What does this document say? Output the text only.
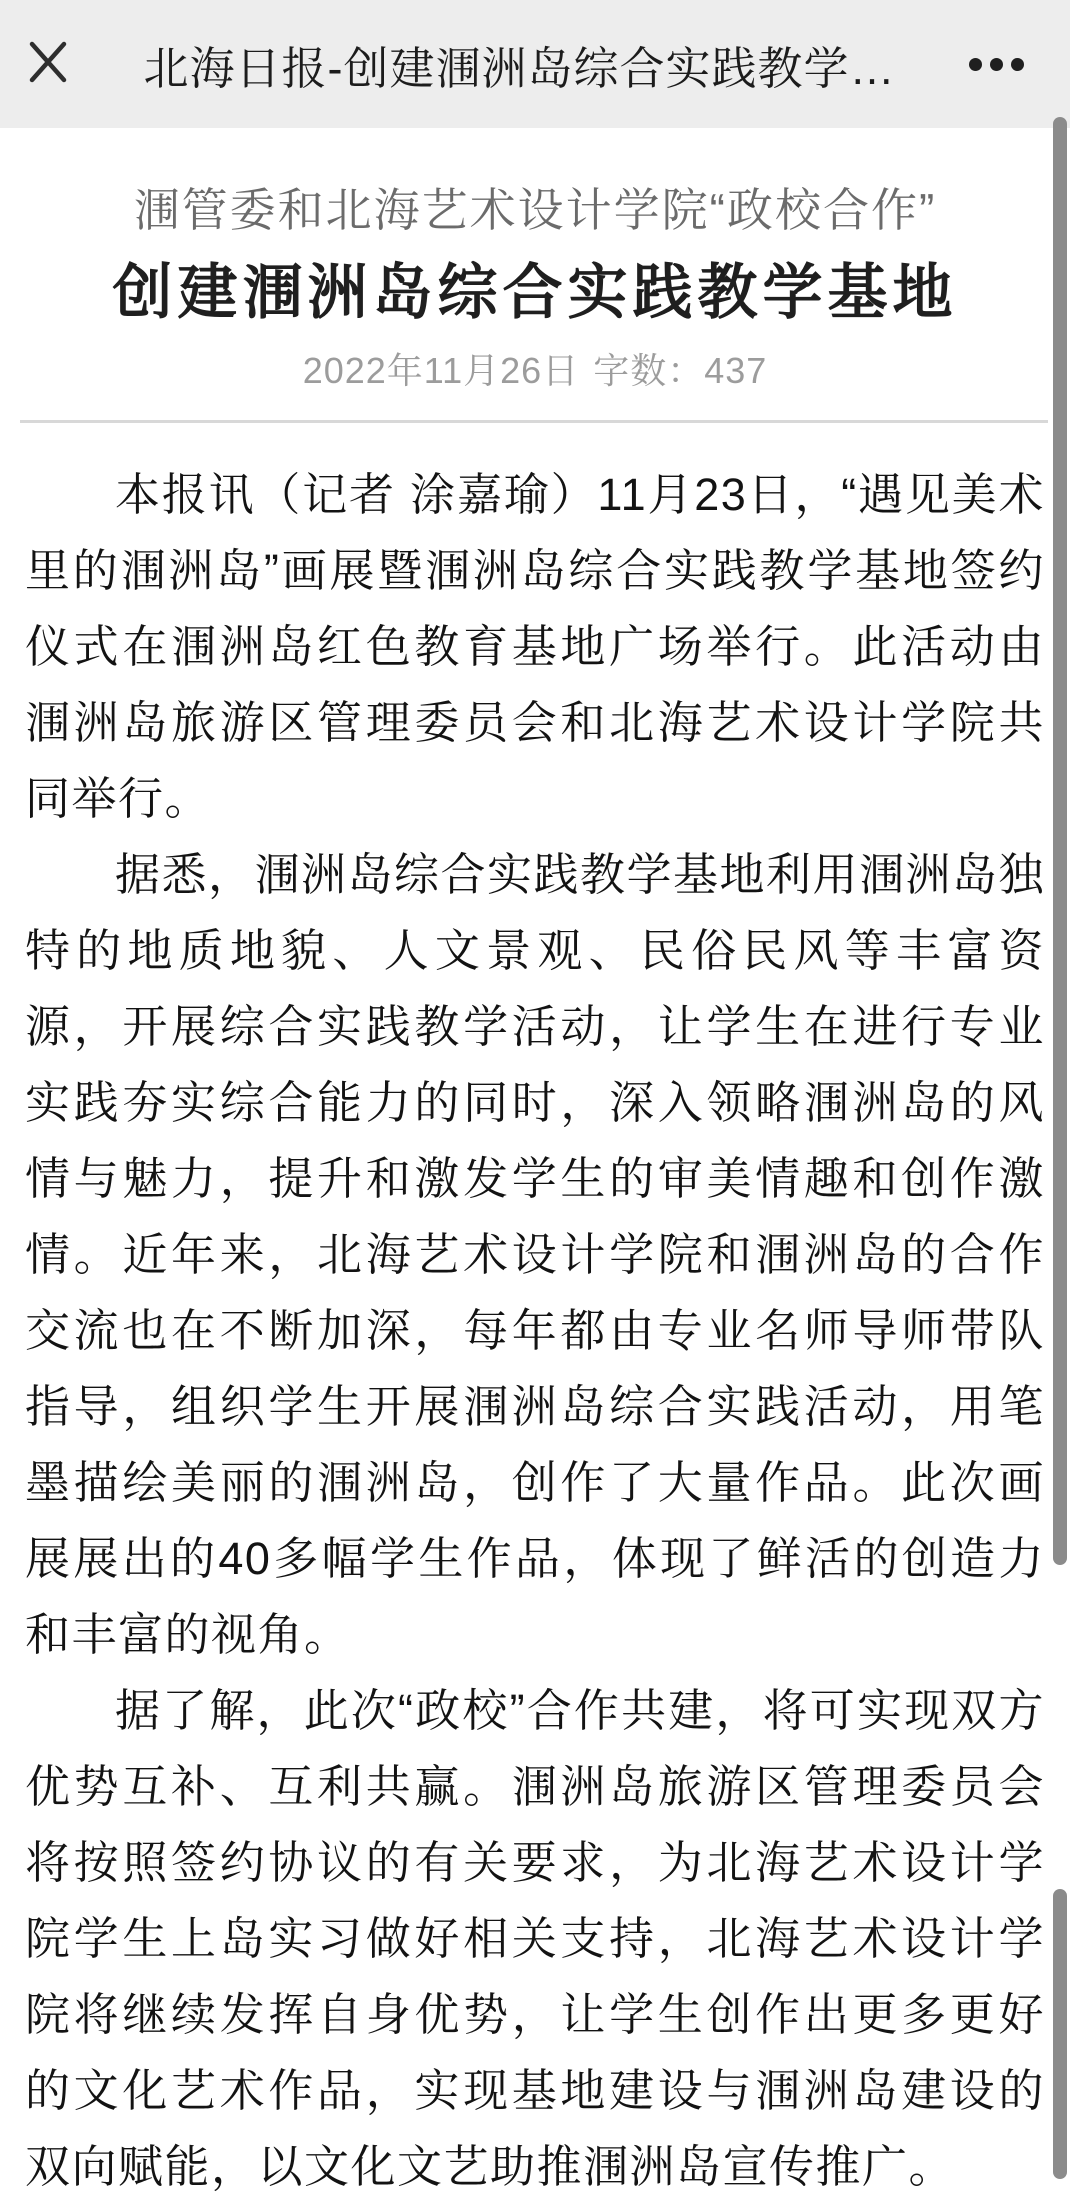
北海日报-创建涠洲岛综合实践教学…
涠管委和北海艺术设计学院“政校合作”
创建涠洲岛综合实践教学基地
2022年11月26日 字数：437

本报讯（记者 涂嘉瑜）11月23日，“遇见美术里的涠洲岛”画展暨涠洲岛综合实践教学基地签约仪式在涠洲岛红色教育基地广场举行。此活动由涠洲岛旅游区管理委员会和北海艺术设计学院共同举行。

据悉，涠洲岛综合实践教学基地利用涠洲岛独特的地质地貌、人文景观、民俗民风等丰富资源，开展综合实践教学活动，让学生在进行专业实践夯实综合能力的同时，深入领略涠洲岛的风情与魅力，提升和激发学生的审美情趣和创作激情。近年来，北海艺术设计学院和涠洲岛的合作交流也在不断加深，每年都由专业名师导师带队指导，组织学生开展涠洲岛综合实践活动，用笔墨描绘美丽的涠洲岛，创作了大量作品。此次画展展出的40多幅学生作品，体现了鲜活的创造力和丰富的视角。

据了解，此次“政校”合作共建，将可实现双方优势互补、互利共赢。涠洲岛旅游区管理委员会将按照签约协议的有关要求，为北海艺术设计学院学生上岛实习做好相关支持，北海艺术设计学院将继续发挥自身优势，让学生创作出更多更好的文化艺术作品，实现基地建设与涠洲岛建设的双向赋能，以文化文艺助推涠洲岛宣传推广。
